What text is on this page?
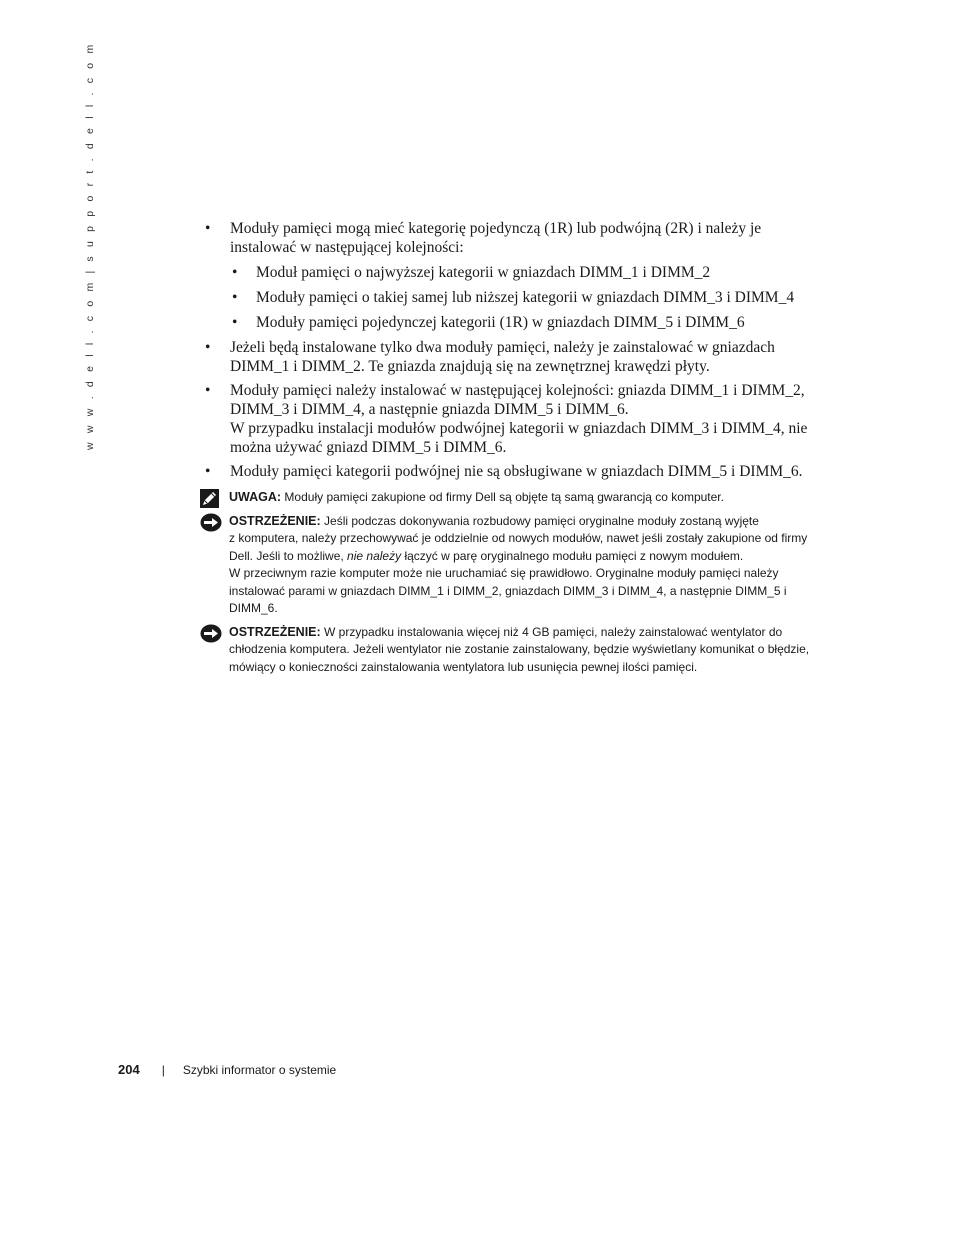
w w w . d e l l . c o m|s u p p o r t . d e l l . c o m
•	Moduły pamięci mogą mieć kategorię pojedynczą (1R) lub podwójną (2R) i należy je
instalować w następującej kolejności:
• Moduł pamięci o najwyższej kategorii w gniazdach DIMM_1 i DIMM_2
• Moduły pamięci o takiej samej lub niższej kategorii w gniazdach DIMM_3 i DIMM_4
• Moduły pamięci pojedynczej kategorii (1R) w gniazdach DIMM_5 i DIMM_6
• Jeżeli będą instalowane tylko dwa moduły pamięci, należy je zainstalować w gniazdach
DIMM_1 i DIMM_2. Te gniazda znajdują się na zewnętrznej krawędzi płyty.
• Moduły pamięci należy instalować w następującej kolejności: gniazda DIMM_1 i DIMM_2,
DIMM_3 i DIMM_4, a następnie gniazda DIMM_5 i DIMM_6.
W przypadku instalacji modułów podwójnej kategorii w gniazdach DIMM_3 i DIMM_4, nie
można używać gniazd DIMM_5 i DIMM_6.
• Moduły pamięci kategorii podwójnej nie są obsługiwane w gniazdach DIMM_5 i DIMM_6.
UWAGA: Moduły pamięci zakupione od firmy Dell są objęte tą samą gwarancją co komputer.
OSTRZEŻENIE: Jeśli podczas dokonywania rozbudowy pamięci oryginalne moduły zostaną wyjęte
z komputera, należy przechowywać je oddzielnie od nowych modułów, nawet jeśli zostały zakupione od firmy
Dell. Jeśli to możliwe, nie należy łączyć w parę oryginalnego modułu pamięci z nowym modułem.
W przeciwnym razie komputer może nie uruchamiać się prawidłowo. Oryginalne moduły pamięci należy
instalować parami w gniazdach DIMM_1 i DIMM_2, gniazdach DIMM_3 i DIMM_4, a następnie DIMM_5 i
DIMM_6.
OSTRZEŻENIE: W przypadku instalowania więcej niż 4 GB pamięci, należy zainstalować wentylator do
chłodzenia komputera. Jeżeli wentylator nie zostanie zainstalowany, będzie wyświetlany komunikat o błędzie,
mówiący o konieczności zainstalowania wentylatora lub usunięcia pewnej ilości pamięci.
204 | Szybki informator o systemie
